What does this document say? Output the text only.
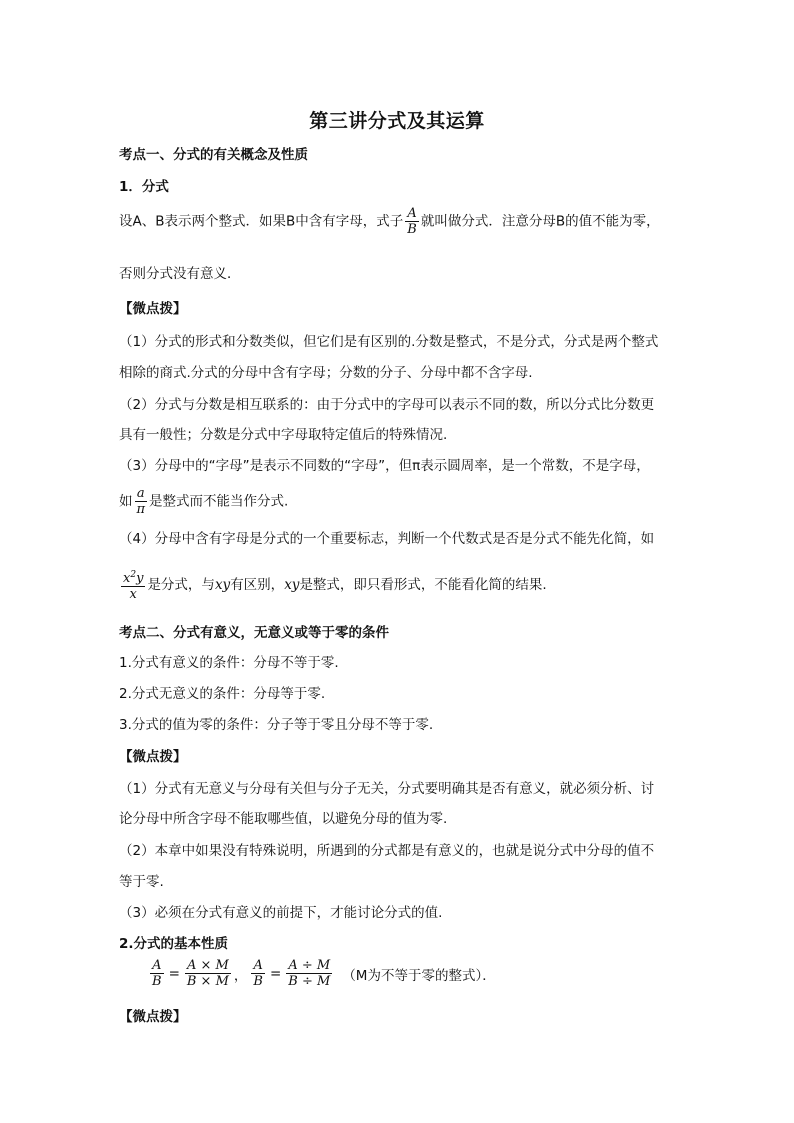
第三讲分式及其运算
考点一、分式的有关概念及性质
1．分式
设A、B表示两个整式．如果B中含有字母，式子 $\frac{A}{B}$ 就叫做分式．注意分母B的值不能为零，
否则分式没有意义．
【微点拨】
（1）分式的形式和分数类似，但它们是有区别的.分数是整式，不是分式，分式是两个整式
相除的商式.分式的分母中含有字母；分数的分子、分母中都不含字母.
（2）分式与分数是相互联系的：由于分式中的字母可以表示不同的数，所以分式比分数更
具有一般性；分数是分式中字母取特定值后的特殊情况.
（3）分母中的“字母”是表示不同数的“字母”，但π表示圆周率，是一个常数，不是字母，
如 $\frac{a}{\pi}$ 是整式而不能当作分式.
（4）分母中含有字母是分式的一个重要标志，判断一个代数式是否是分式不能先化简，如
$\frac{x^2y}{x}$ 是分式，与xy有区别，xy是整式，即只看形式，不能看化简的结果.
考点二、分式有意义，无意义或等于零的条件
1.分式有意义的条件：分母不等于零.
2.分式无意义的条件：分母等于零.
3.分式的值为零的条件：分子等于零且分母不等于零.
【微点拨】
（1）分式有无意义与分母有关但与分子无关，分式要明确其是否有意义，就必须分析、讨
论分母中所含字母不能取哪些值，以避免分母的值为零.
（2）本章中如果没有特殊说明，所遇到的分式都是有意义的，也就是说分式中分母的值不
等于零.
（3）必须在分式有意义的前提下，才能讨论分式的值.
2.分式的基本性质
$\frac{A}{B} = \frac{A \times M}{B \times M}$ ， $\frac{A}{B} = \frac{A \div M}{B \div M} (M$为不等于零的整式）．
【微点拨】
